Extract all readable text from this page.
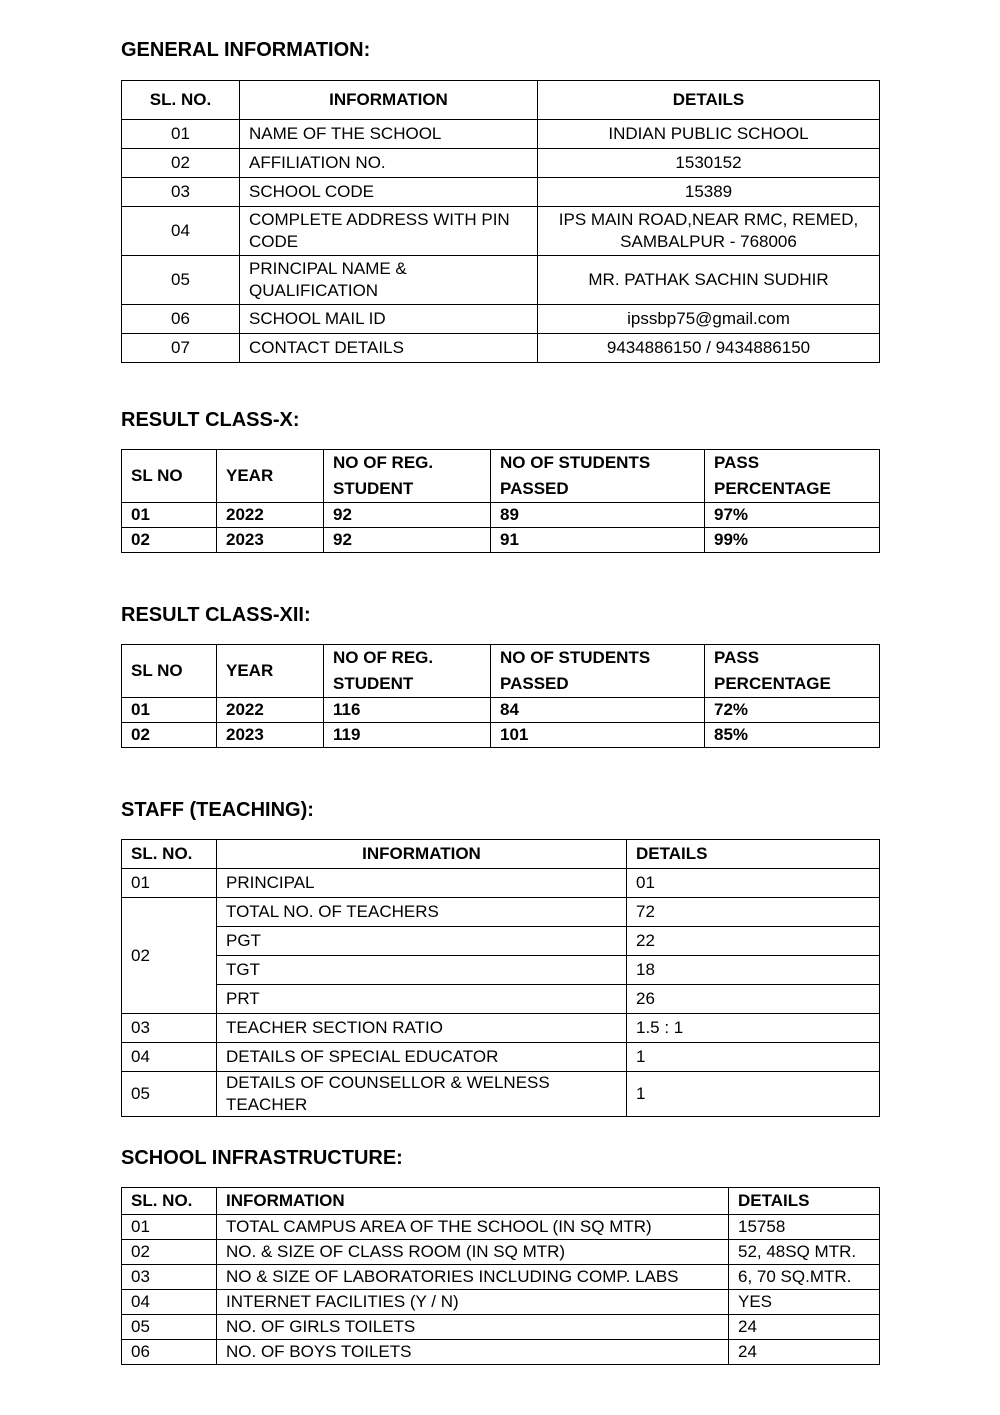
GENERAL INFORMATION:
SL. NO.	INFORMATION	DETAILS
01	NAME OF THE SCHOOL	INDIAN PUBLIC SCHOOL
02	AFFILIATION NO.	1530152
03	SCHOOL CODE	15389
04	COMPLETE ADDRESS WITH PIN CODE	IPS MAIN ROAD,NEAR RMC, REMED, SAMBALPUR - 768006
05	PRINCIPAL NAME & QUALIFICATION	MR. PATHAK SACHIN SUDHIR
06	SCHOOL MAIL ID	ipssbp75@gmail.com
07	CONTACT DETAILS	9434886150 / 9434886150
RESULT CLASS-X:
SL NO	YEAR	NO OF REG. STUDENT	NO OF STUDENTS PASSED	PASS PERCENTAGE
01	2022	92	89	97%
02	2023	92	91	99%
RESULT CLASS-XII:
SL NO	YEAR	NO OF REG. STUDENT	NO OF STUDENTS PASSED	PASS PERCENTAGE
01	2022	116	84	72%
02	2023	119	101	85%
STAFF (TEACHING):
SL. NO.	INFORMATION	DETAILS
01	PRINCIPAL	01
02	TOTAL NO. OF TEACHERS	72
	PGT	22
	TGT	18
	PRT	26
03	TEACHER SECTION RATIO	1.5 : 1
04	DETAILS OF SPECIAL EDUCATOR	1
05	DETAILS OF COUNSELLOR & WELNESS TEACHER	1
SCHOOL INFRASTRUCTURE:
SL. NO.	INFORMATION	DETAILS
01	TOTAL CAMPUS AREA OF THE SCHOOL (IN SQ MTR)	15758
02	NO. & SIZE OF CLASS ROOM (IN SQ MTR)	52, 48SQ MTR.
03	NO & SIZE OF LABORATORIES INCLUDING COMP. LABS	6, 70 SQ.MTR.
04	INTERNET FACILITIES (Y / N)	YES
05	NO. OF GIRLS TOILETS	24
06	NO. OF BOYS TOILETS	24
